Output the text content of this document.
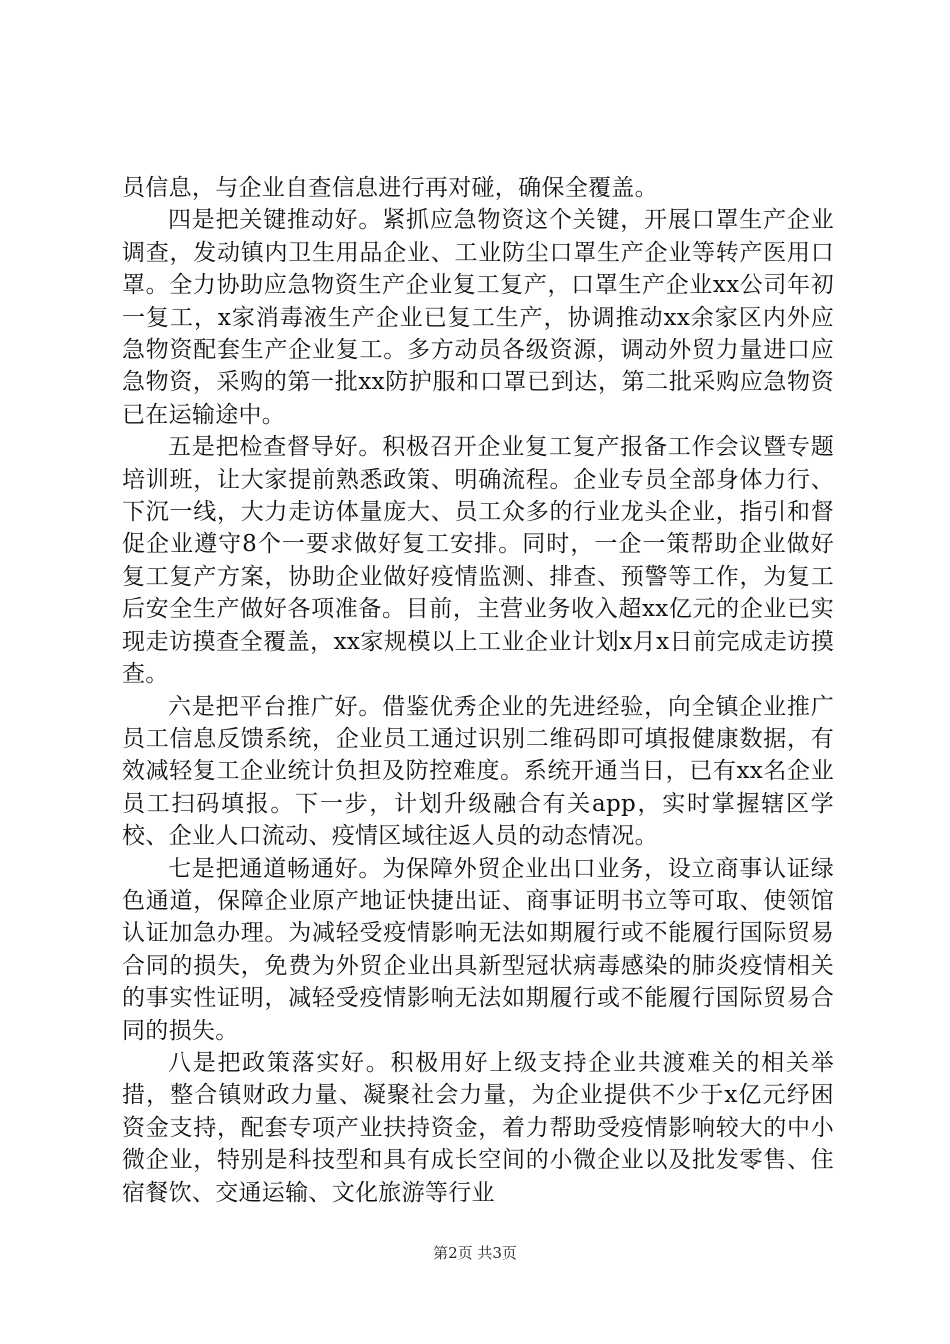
员信息，与企业自查信息进行再对碰，确保全覆盖。

四是把关键推动好。紧抓应急物资这个关键，开展口罩生产企业调查，发动镇内卫生用品企业、工业防尘口罩生产企业等转产医用口罩。全力协助应急物资生产企业复工复产，口罩生产企业xx公司年初一复工，x家消毒液生产企业已复工生产，协调推动xx余家区内外应急物资配套生产企业复工。多方动员各级资源，调动外贸力量进口应急物资，采购的第一批xx防护服和口罩已到达，第二批采购应急物资已在运输途中。

五是把检查督导好。积极召开企业复工复产报备工作会议暨专题培训班，让大家提前熟悉政策、明确流程。企业专员全部身体力行、下沉一线，大力走访体量庞大、员工众多的行业龙头企业，指引和督促企业遵守8个一要求做好复工安排。同时，一企一策帮助企业做好复工复产方案，协助企业做好疫情监测、排查、预警等工作，为复工后安全生产做好各项准备。目前，主营业务收入超xx亿元的企业已实现走访摸查全覆盖，xx家规模以上工业企业计划x月x日前完成走访摸查。

六是把平台推广好。借鉴优秀企业的先进经验，向全镇企业推广员工信息反馈系统，企业员工通过识别二维码即可填报健康数据，有效减轻复工企业统计负担及防控难度。系统开通当日，已有xx名企业员工扫码填报。下一步，计划升级融合有关app，实时掌握辖区学校、企业人口流动、疫情区域往返人员的动态情况。

七是把通道畅通好。为保障外贸企业出口业务，设立商事认证绿色通道，保障企业原产地证快捷出证、商事证明书立等可取、使领馆认证加急办理。为减轻受疫情影响无法如期履行或不能履行国际贸易合同的损失，免费为外贸企业出具新型冠状病毒感染的肺炎疫情相关的事实性证明，减轻受疫情影响无法如期履行或不能履行国际贸易合同的损失。

八是把政策落实好。积极用好上级支持企业共渡难关的相关举措，整合镇财政力量、凝聚社会力量，为企业提供不少于x亿元纾困资金支持，配套专项产业扶持资金，着力帮助受疫情影响较大的中小微企业，特别是科技型和具有成长空间的小微企业以及批发零售、住宿餐饮、交通运输、文化旅游等行业

第2页 共3页
